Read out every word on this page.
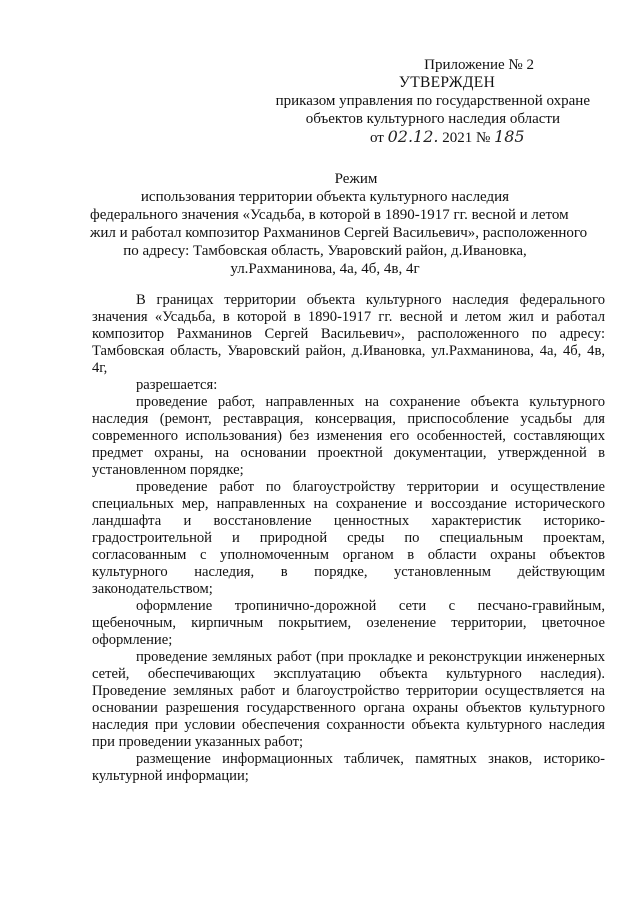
Приложение № 2
УТВЕРЖДЕН
приказом управления по государственной охране
объектов культурного наследия области
от 02.12. 2021 № 185
Режим
использования территории объекта культурного наследия
федерального значения «Усадьба, в которой в 1890-1917 гг. весной и летом
жил и работал композитор Рахманинов Сергей Васильевич», расположенного
по адресу: Тамбовская область, Уваровский район, д.Ивановка,
ул.Рахманинова, 4а, 4б, 4в, 4г

В границах территории объекта культурного наследия федерального значения «Усадьба, в которой в 1890-1917 гг. весной и летом жил и работал композитор Рахманинов Сергей Васильевич», расположенного по адресу: Тамбовская область, Уваровский район, д.Ивановка, ул.Рахманинова, 4а, 4б, 4в, 4г,

разрешается:

проведение работ, направленных на сохранение объекта культурного наследия (ремонт, реставрация, консервация, приспособление усадьбы для современного использования) без изменения его особенностей, составляющих предмет охраны, на основании проектной документации, утвержденной в установленном порядке;

проведение работ по благоустройству территории и осуществление специальных мер, направленных на сохранение и воссоздание исторического ландшафта и восстановление ценностных характеристик историко-градостроительной и природной среды по специальным проектам, согласованным с уполномоченным органом в области охраны объектов культурного наследия, в порядке, установленным действующим законодательством;

оформление тропинично-дорожной сети с песчано-гравийным, щебеночным, кирпичным покрытием, озеленение территории, цветочное оформление;

проведение земляных работ (при прокладке и реконструкции инженерных сетей, обеспечивающих эксплуатацию объекта культурного наследия). Проведение земляных работ и благоустройство территории осуществляется на основании разрешения государственного органа охраны объектов культурного наследия при условии обеспечения сохранности объекта культурного наследия при проведении указанных работ;

размещение информационных табличек, памятных знаков, историко-культурной информации;
